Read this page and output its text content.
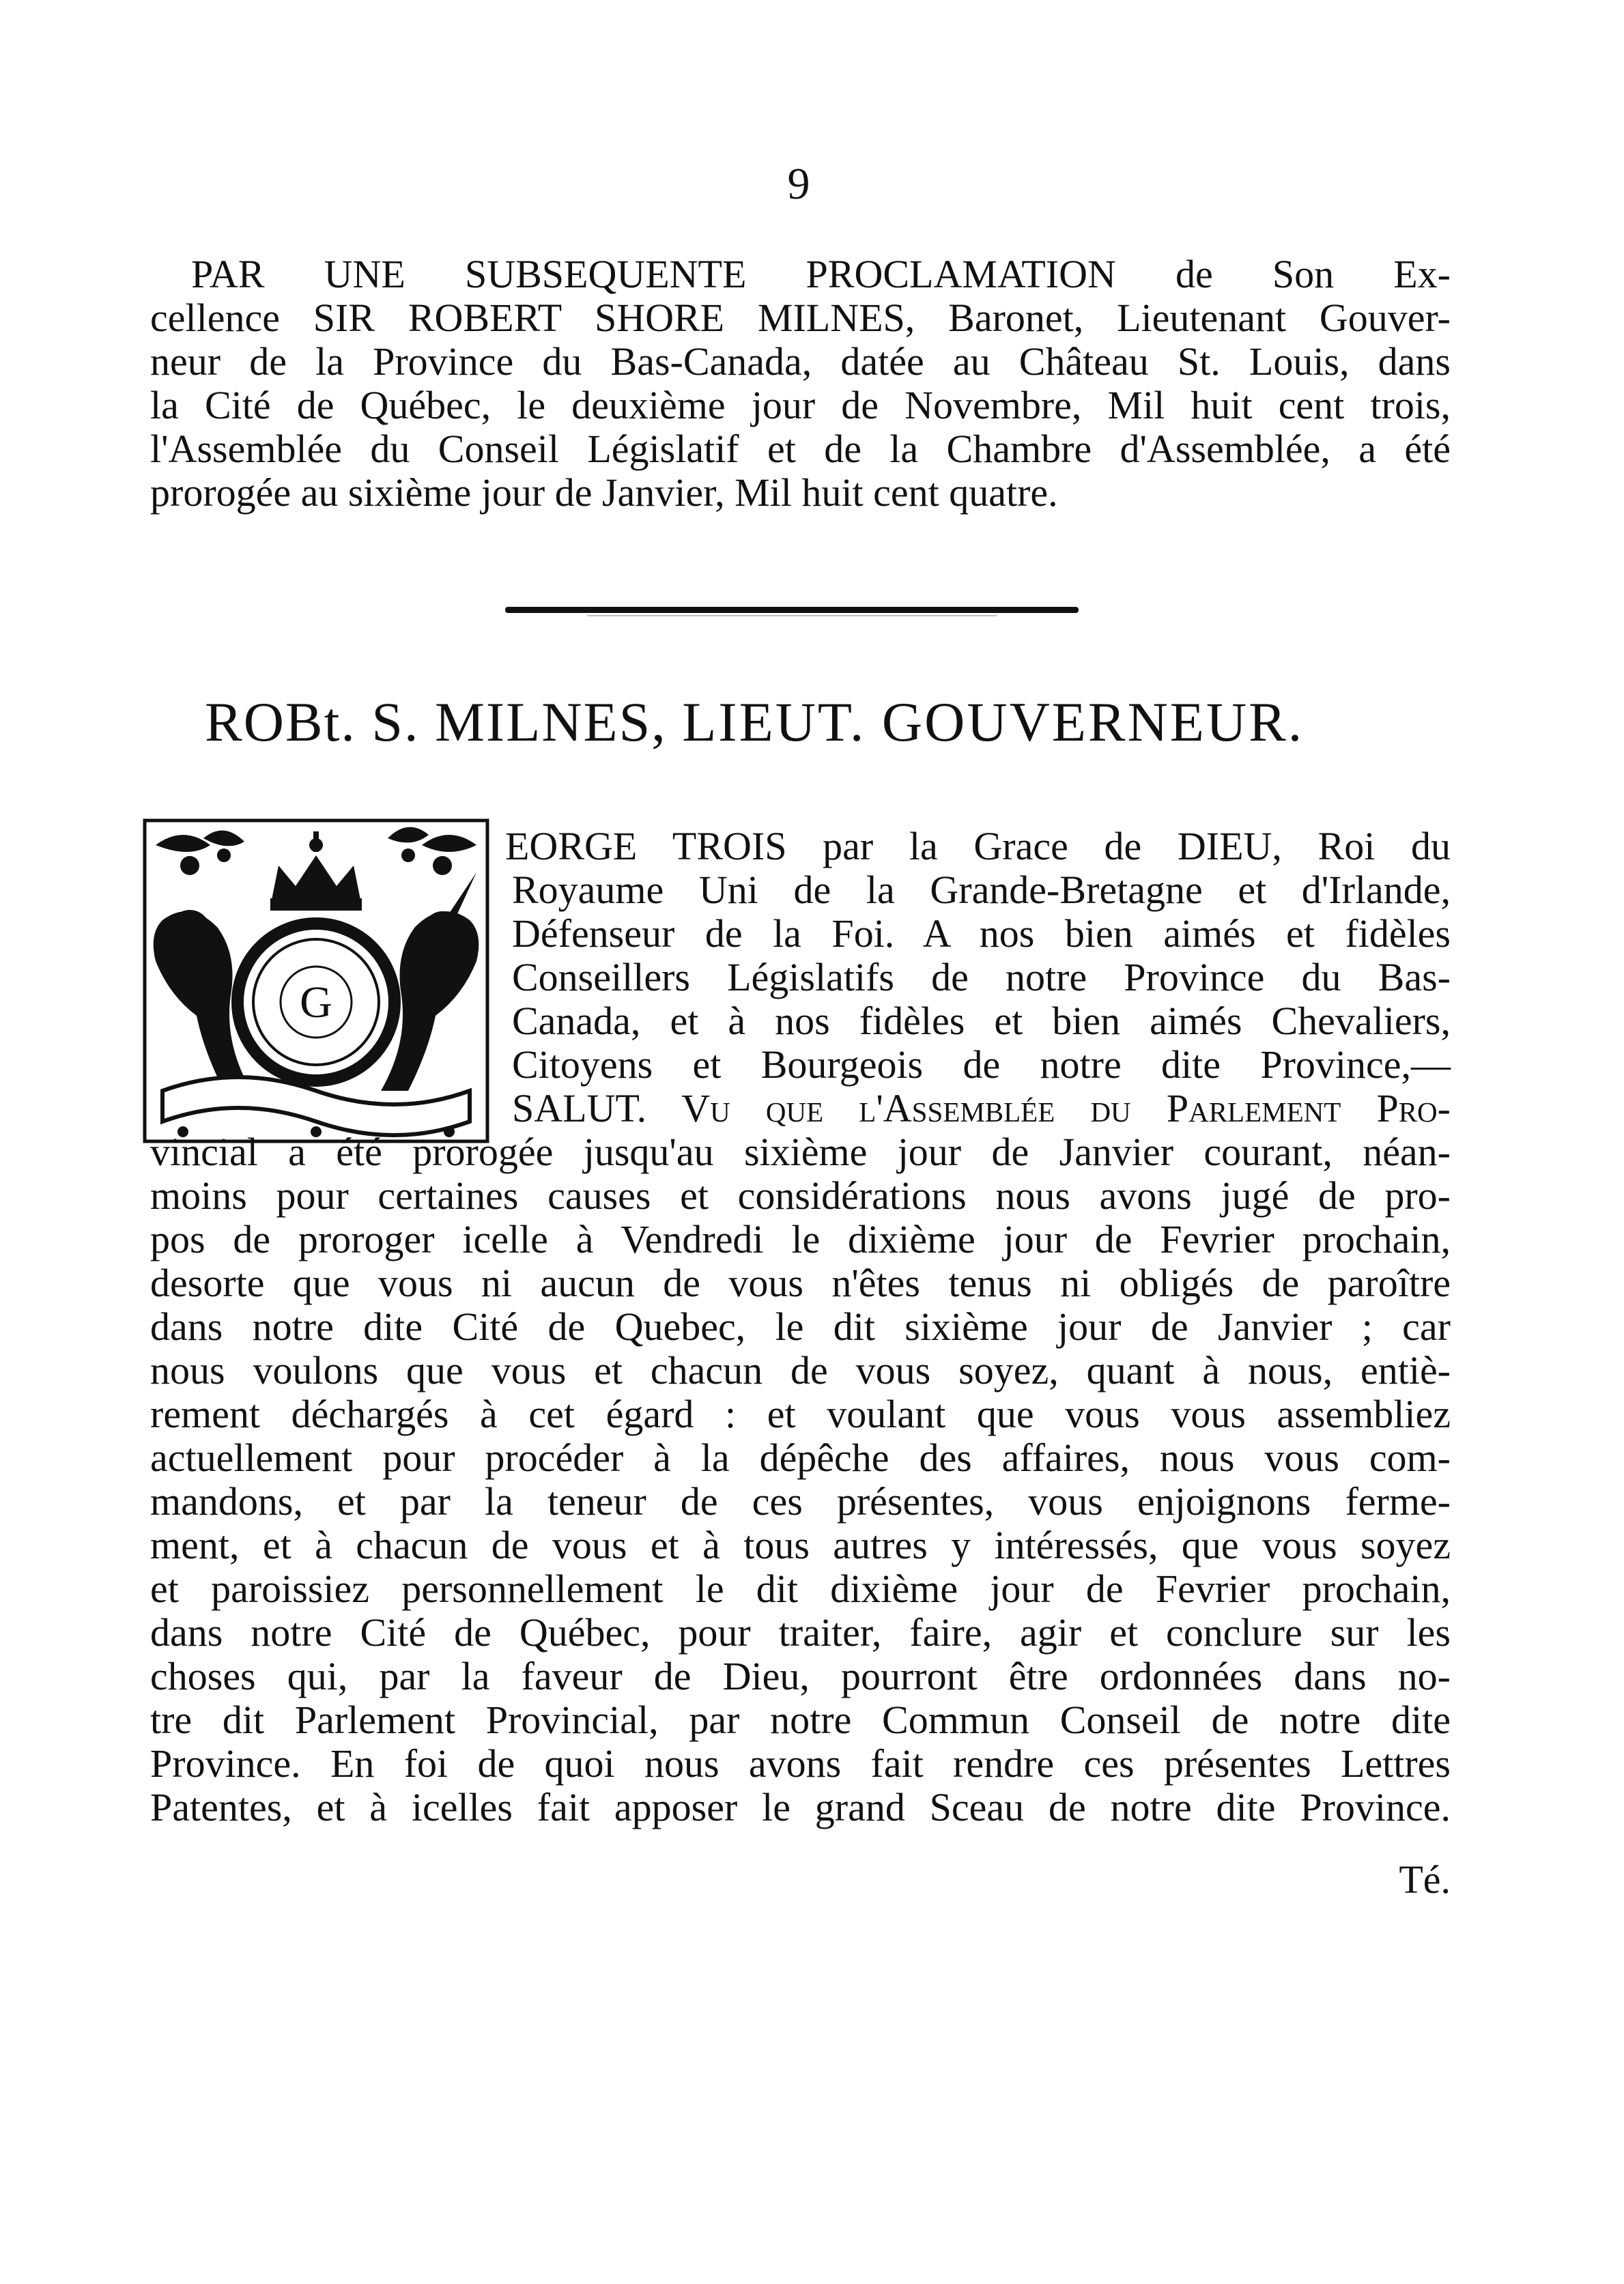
9
PAR UNE SUBSEQUENTE PROCLAMATION de Son Ex-
cellence SIR ROBERT SHORE MILNES, Baronet, Lieutenant Gouver-
neur de la Province du Bas-Canada, datée au Château St. Louis, dans
la Cité de Québec, le deuxième jour de Novembre, Mil huit cent trois,
l'Assemblée du Conseil Législatif et de la Chambre d'Assemblée, a été
prorogée au sixième jour de Janvier, Mil huit cent quatre.
ROBt. S. MILNES, LIEUT. GOUVERNEUR.
G
EORGE TROIS par la Grace de DIEU, Roi du
Royaume Uni de la Grande-Bretagne et d'Irlande,
Défenseur de la Foi. A nos bien aimés et fidèles
Conseillers Législatifs de notre Province du Bas-
Canada, et à nos fidèles et bien aimés Chevaliers,
Citoyens et Bourgeois de notre dite Province,—
SALUT. Vu que l'Assemblée du Parlement Pro-
vincial a été prorogée jusqu'au sixième jour de Janvier courant, néan-
moins pour certaines causes et considérations nous avons jugé de pro-
pos de proroger icelle à Vendredi le dixième jour de Fevrier prochain,
desorte que vous ni aucun de vous n'êtes tenus ni obligés de paroître
dans notre dite Cité de Quebec, le dit sixième jour de Janvier ; car
nous voulons que vous et chacun de vous soyez, quant à nous, entiè-
rement déchargés à cet égard : et voulant que vous vous assembliez
actuellement pour procéder à la dépêche des affaires, nous vous com-
mandons, et par la teneur de ces présentes, vous enjoignons ferme-
ment, et à chacun de vous et à tous autres y intéressés, que vous soyez
et paroissiez personnellement le dit dixième jour de Fevrier prochain,
dans notre Cité de Québec, pour traiter, faire, agir et conclure sur les
choses qui, par la faveur de Dieu, pourront être ordonnées dans no-
tre dit Parlement Provincial, par notre Commun Conseil de notre dite
Province. En foi de quoi nous avons fait rendre ces présentes Lettres
Patentes, et à icelles fait apposer le grand Sceau de notre dite Province.
Té.
